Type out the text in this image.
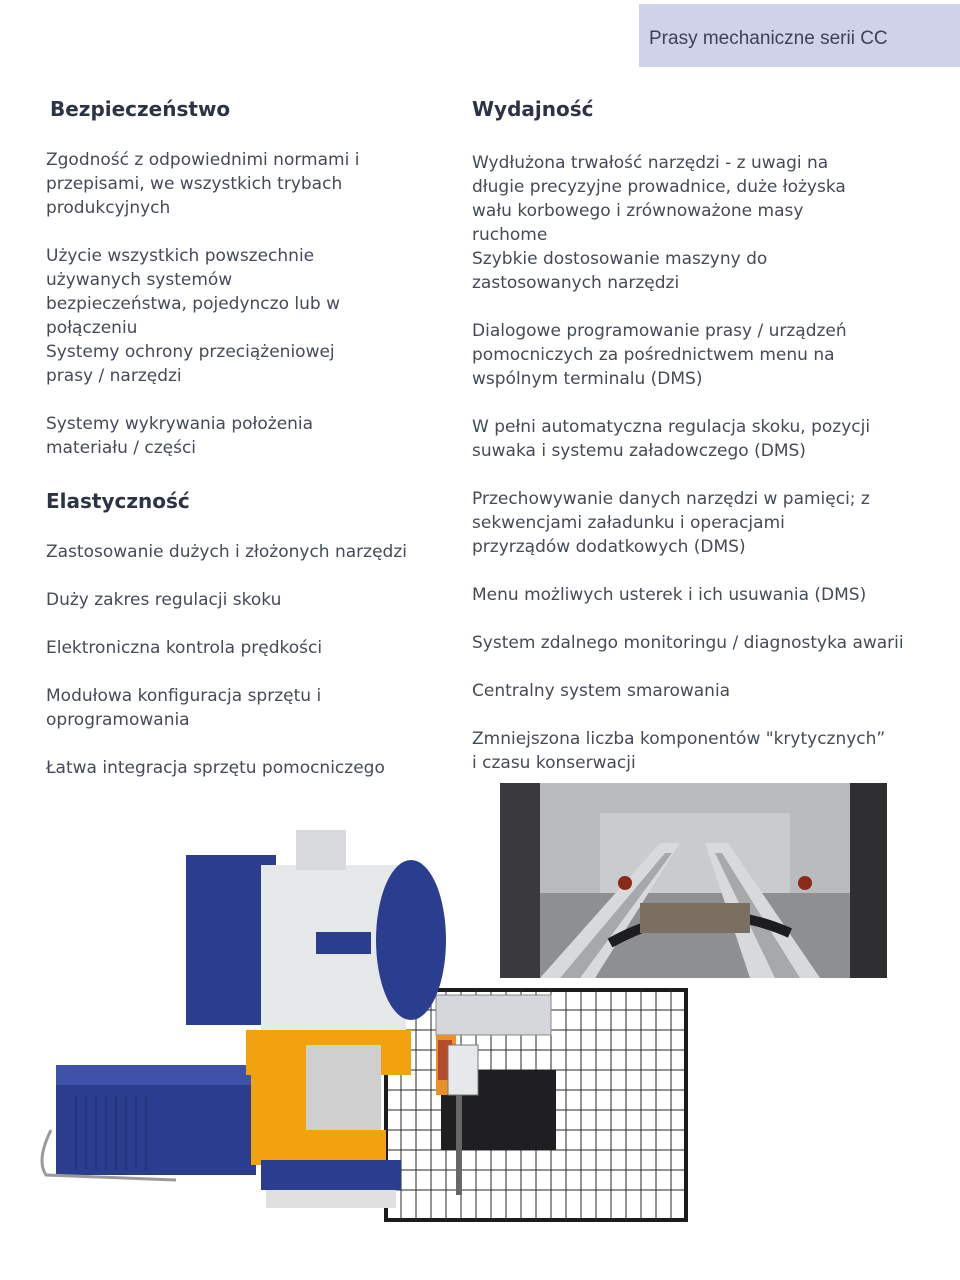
Prasy mechaniczne serii CC
Bezpieczeństwo

Zgodność z odpowiednimi normami i przepisami, we wszystkich trybach produkcyjnych

Użycie wszystkich powszechnie używanych systemów bezpieczeństwa, pojedynczo lub w połączeniu

Systemy ochrony przeciążeniowej prasy / narzędzi

Systemy wykrywania położenia materiału / części

Elastyczność

Zastosowanie dużych i złożonych narzędzi

Duży zakres regulacji skoku

Elektroniczna kontrola prędkości

Modułowa konfiguracja sprzętu i oprogramowania

Łatwa integracja sprzętu pomocniczego

Wydajność

Wydłużona trwałość narzędzi - z uwagi na długie precyzyjne prowadnice, duże łożyska wału korbowego i zrównoważone masy ruchome

Szybkie dostosowanie maszyny do zastosowanych narzędzi

Dialogowe programowanie prasy / urządzeń pomocniczych za pośrednictwem menu na wspólnym terminalu (DMS)

W pełni automatyczna regulacja skoku, pozycji suwaka i systemu załadowczego (DMS)

Przechowywanie danych narzędzi w pamięci; z sekwencjami załadunku i operacjami przyrządów dodatkowych (DMS)

Menu możliwych usterek i ich usuwania (DMS)

System zdalnego monitoringu / diagnostyka awarii

Centralny system smarowania

Zmniejszona liczba komponentów "krytycznych” i czasu konserwacji
